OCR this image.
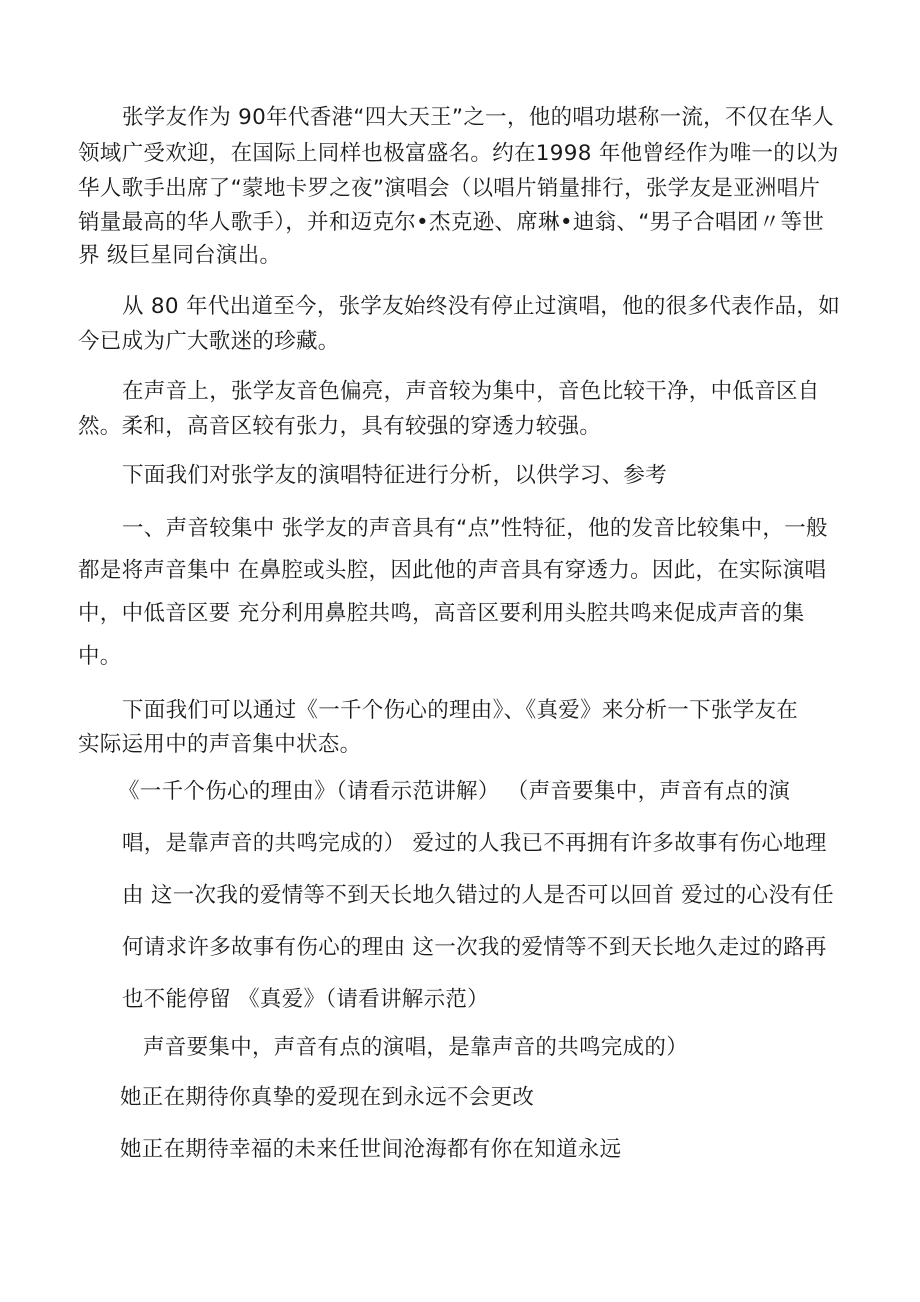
张学友作为 90年代香港“四大天王”之一，他的唱功堪称一流，不仅在华人
领域广受欢迎，在国际上同样也极富盛名。约在1998 年他曾经作为唯一的以为
华人歌手出席了“蒙地卡罗之夜”演唱会（以唱片销量排行，张学友是亚洲唱片
销量最高的华人歌手），并和迈克尔•杰克逊、席琳•迪翁、“男子合唱团〃等世
界 级巨星同台演出。
从 80 年代出道至今，张学友始终没有停止过演唱，他的很多代表作品，如
今已成为广大歌迷的珍藏。
在声音上，张学友音色偏亮，声音较为集中，音色比较干净，中低音区自
然。柔和，高音区较有张力，具有较强的穿透力较强。
下面我们对张学友的演唱特征进行分析，以供学习、参考
一、声音较集中 张学友的声音具有“点”性特征，他的发音比较集中，一般
都是将声音集中 在鼻腔或头腔，因此他的声音具有穿透力。因此，在实际演唱
中，中低音区要 充分利用鼻腔共鸣，高音区要利用头腔共鸣来促成声音的集
中。
下面我们可以通过《一千个伤心的理由》、《真爱》来分析一下张学友在
实际运用中的声音集中状态。
《一千个伤心的理由》（请看示范讲解） （声音要集中，声音有点的演
唱，是靠声音的共鸣完成的） 爱过的人我已不再拥有许多故事有伤心地理
由 这一次我的爱情等不到天长地久错过的人是否可以回首 爱过的心没有任
何请求许多故事有伤心的理由 这一次我的爱情等不到天长地久走过的路再
也不能停留 《真爱》（请看讲解示范）
声音要集中，声音有点的演唱，是靠声音的共鸣完成的）
她正在期待你真挚的爱现在到永远不会更改
她正在期待幸福的未来任世间沧海都有你在知道永远
